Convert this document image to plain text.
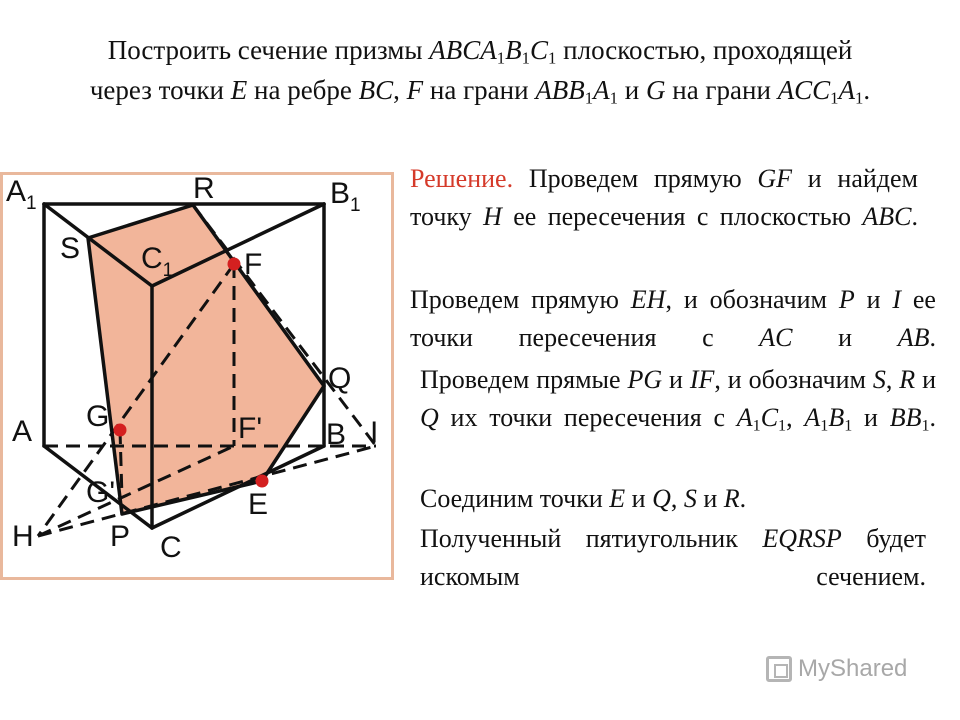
Построить сечение призмы $ABCA_1B_1C_1$ плоскостью, проходящей
через точки E на ребре BC, F на грани $ABB_1A_1$ и G на грани $ACC_1A_1$.
$A_1$	R	$B_1$
S $C_1$ F
Q
A G	F' B I
G'	E
H	P C
Решение. Проведем прямую GF и найдем точку H ее пересечения с плоскостью ABC.
Проведем прямую EH, и обозначим P и I ее точки пересечения с AC и AB.
Проведем прямые PG и IF, и обозначим S, R и Q их точки пересечения с $A_1C_1$, $A_1B_1$ и $BB_1$.
Соединим точки E и Q, S и R.
Полученный пятиугольник EQRSP будет искомым сечением.
MyShared
